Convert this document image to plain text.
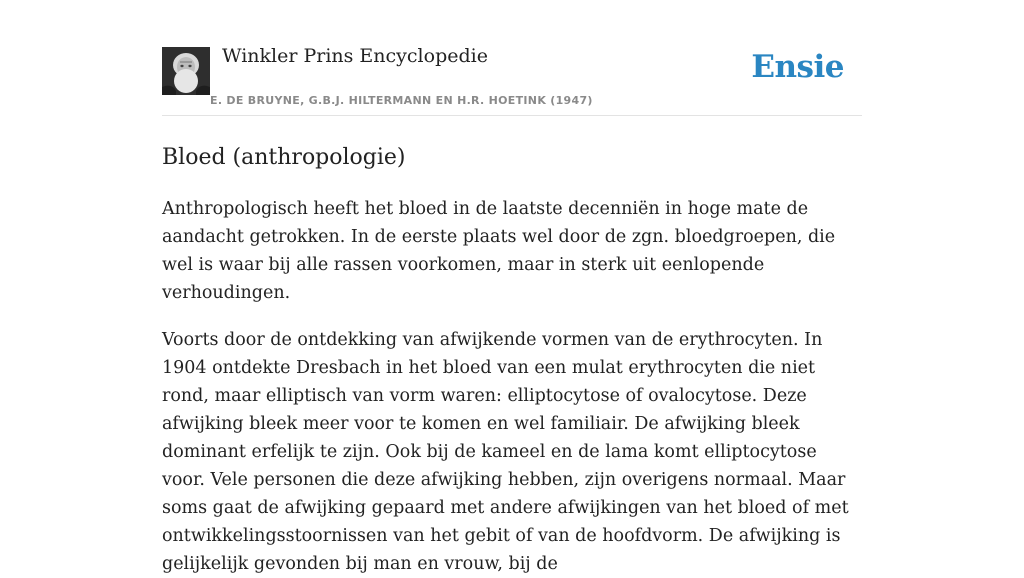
Winkler Prins Encyclopedie
E. DE BRUYNE, G.B.J. HILTERMANN EN H.R. HOETINK (1947)
Ensie
Bloed (anthropologie)

Anthropologisch heeft het bloed in de laatste decenniën in hoge mate de aandacht getrokken. In de eerste plaats wel door de zgn. bloedgroepen, die wel is waar bij alle rassen voorkomen, maar in sterk uit eenlopende verhoudingen.

Voorts door de ontdekking van afwijkende vormen van de erythrocyten. In 1904 ontdekte Dresbach in het bloed van een mulat erythrocyten die niet rond, maar elliptisch van vorm waren: elliptocytose of ovalocytose. Deze afwijking bleek meer voor te komen en wel familiair. De afwijking bleek dominant erfelijk te zijn. Ook bij de kameel en de lama komt elliptocytose voor. Vele personen die deze afwijking hebben, zijn overigens normaal. Maar soms gaat de afwijking gepaard met andere afwijkingen van het bloed of met ontwikkelingsstoornissen van het gebit of van de hoofdvorm. De afwijking is gelijkelijk gevonden bij man en vrouw, bij de
